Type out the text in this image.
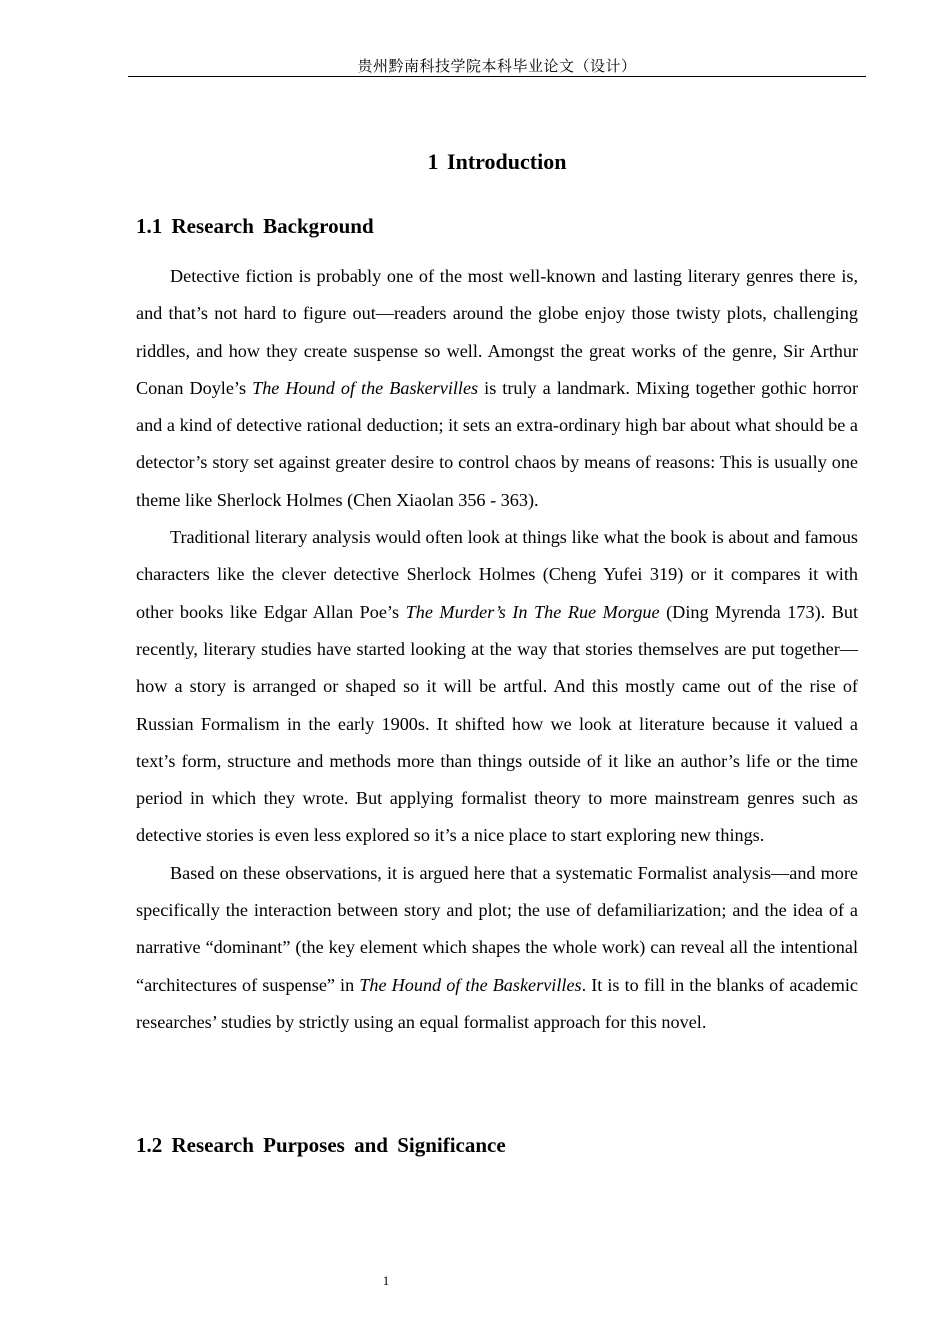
贵州黔南科技学院本科毕业论文（设计）
1 Introduction
1.1 Research Background

Detective fiction is probably one of the most well-known and lasting literary genres there is, and that’s not hard to figure out—readers around the globe enjoy those twisty plots, challenging riddles, and how they create suspense so well. Amongst the great works of the genre, Sir Arthur Conan Doyle’s The Hound of the Baskervilles is truly a landmark. Mixing together gothic horror and a kind of detective rational deduction; it sets an extra-ordinary high bar about what should be a detector’s story set against greater desire to control chaos by means of reasons: This is usually one theme like Sherlock Holmes (Chen Xiaolan 356 - 363).

Traditional literary analysis would often look at things like what the book is about and famous characters like the clever detective Sherlock Holmes (Cheng Yufei 319) or it compares it with other books like Edgar Allan Poe’s The Murder’s In The Rue Morgue (Ding Myrenda 173). But recently, literary studies have started looking at the way that stories themselves are put together—how a story is arranged or shaped so it will be artful. And this mostly came out of the rise of Russian Formalism in the early 1900s. It shifted how we look at literature because it valued a text’s form, structure and methods more than things outside of it like an author’s life or the time period in which they wrote. But applying formalist theory to more mainstream genres such as detective stories is even less explored so it’s a nice place to start exploring new things.

Based on these observations, it is argued here that a systematic Formalist analysis—and more specifically the interaction between story and plot; the use of defamiliarization; and the idea of a narrative “dominant” (the key element which shapes the whole work) can reveal all the intentional “architectures of suspense” in The Hound of the Baskervilles. It is to fill in the blanks of academic researches’ studies by strictly using an equal formalist approach for this novel.

1.2 Research Purposes and Significance
1
